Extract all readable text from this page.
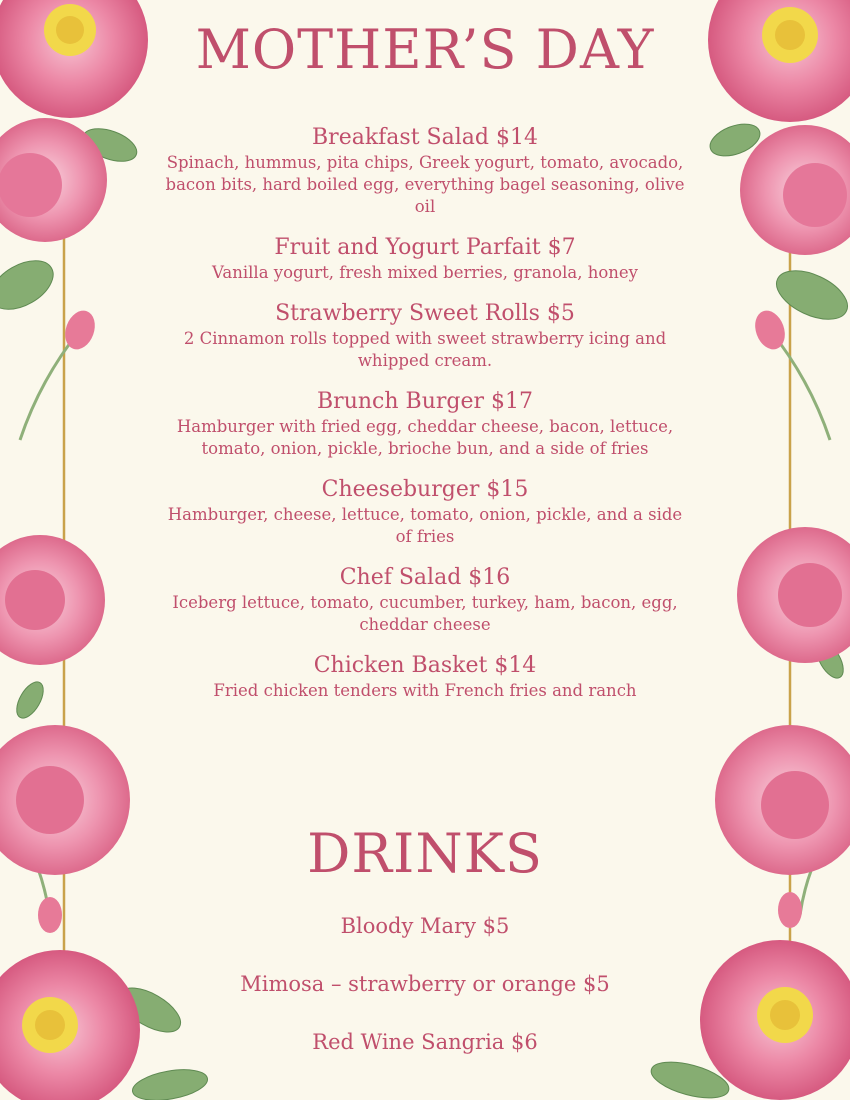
MOTHER’S DAY
Breakfast Salad $14
Spinach, hummus, pita chips, Greek yogurt, tomato, avocado, bacon bits, hard boiled egg, everything bagel seasoning, olive oil
Fruit and Yogurt Parfait $7
Vanilla yogurt, fresh mixed berries, granola, honey
Strawberry Sweet Rolls $5
2 Cinnamon rolls topped with sweet strawberry icing and whipped cream.
Brunch Burger $17
Hamburger with fried egg, cheddar cheese, bacon, lettuce, tomato, onion, pickle, brioche bun, and a side of fries
Cheeseburger $15
Hamburger, cheese, lettuce, tomato, onion, pickle, and a side of fries
Chef Salad $16
Iceberg lettuce, tomato, cucumber, turkey, ham, bacon, egg, cheddar cheese
Chicken Basket $14
Fried chicken tenders with French fries and ranch
DRINKS
Bloody Mary $5
Mimosa – strawberry or orange $5
Red Wine Sangria $6
